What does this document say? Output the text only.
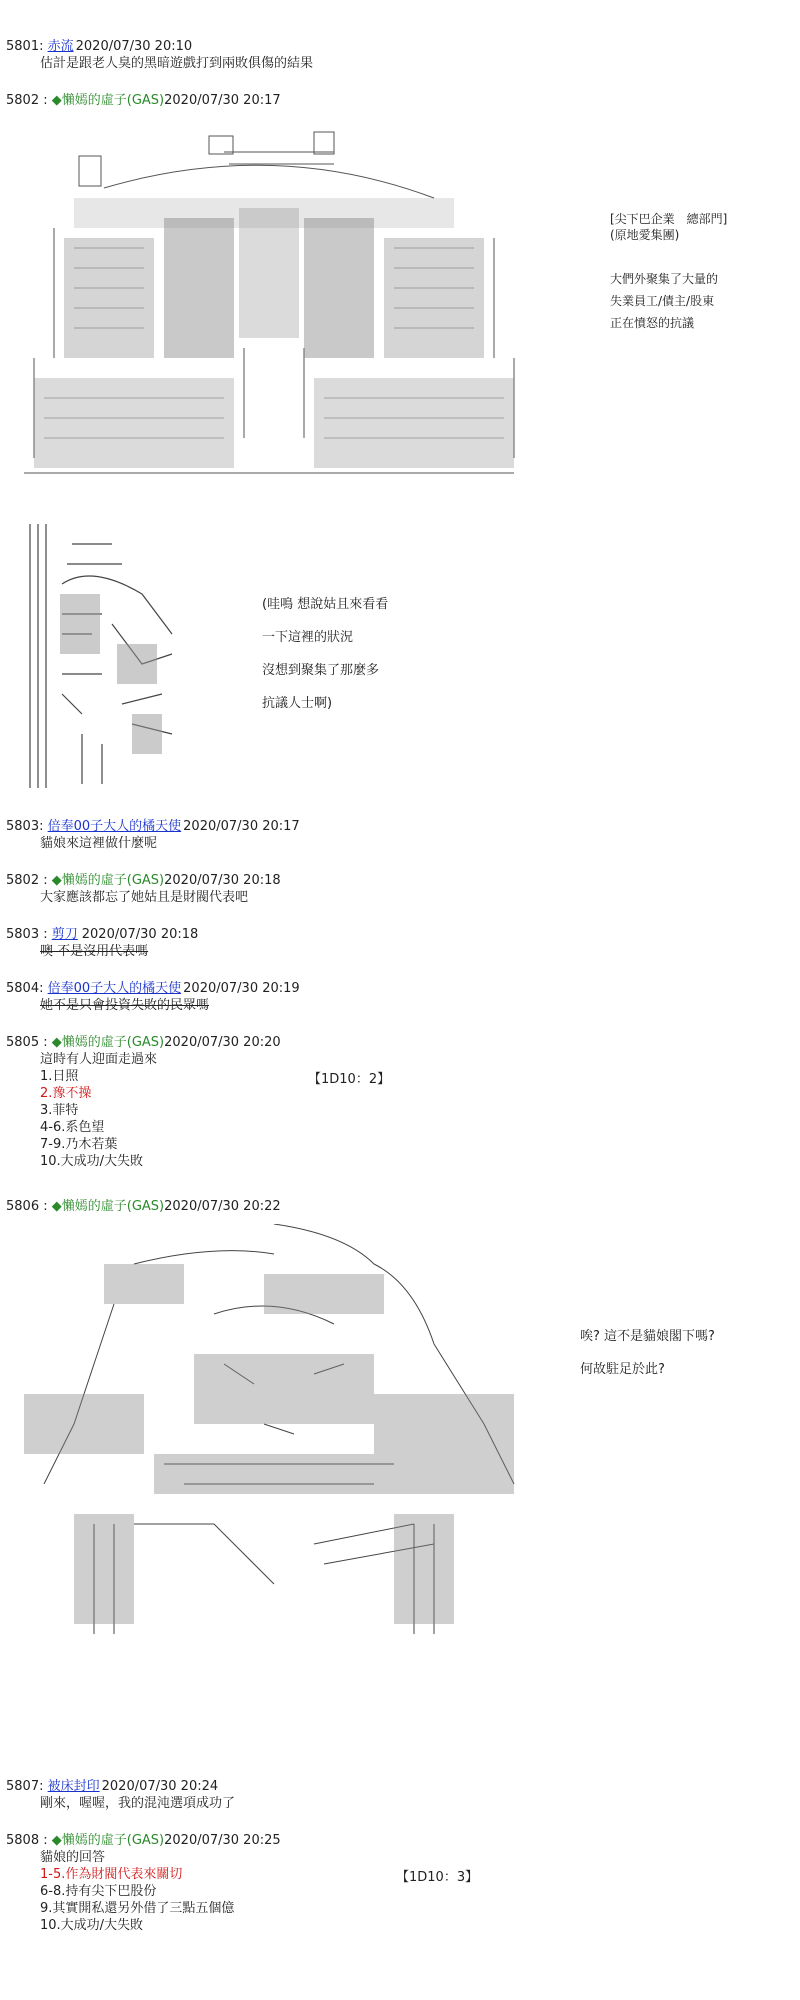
5801: 赤流 2020/07/30 20:10
估計是跟老人臭的黑暗遊戲打到兩敗俱傷的結果
5802 : ◆懶嫣的虛子(GAS)2020/07/30 20:17
[尖下巴企業　總部門]
(原地愛集團)
大們外聚集了大量的
失業員工/債主/股東
正在憤怒的抗議
(哇鳴 想說姑且來看看
一下這裡的狀況
沒想到聚集了那麼多
抗議人士啊)
5803: 倍奉00子大人的橘天使 2020/07/30 20:17
貓娘來這裡做什麼呢
5802 : ◆懶嫣的虛子(GAS)2020/07/30 20:18
大家應該都忘了她姑且是財閥代表吧
5803 : 剪刀 2020/07/30 20:18
噢 不是沒用代表嗎
5804: 倍奉00子大人的橘天使 2020/07/30 20:19
她不是只會投資失敗的民眾嗎
5805 : ◆懶嫣的虛子(GAS)2020/07/30 20:20
這時有人迎面走過來
1.日照
2.豫不操
3.菲特
4-6.系色望
7-9.乃木若葉
10.大成功/大失敗
【1D10：2】
5806 : ◆懶嫣的虛子(GAS)2020/07/30 20:22
唉? 這不是貓娘閣下嗎?
何故駐足於此?
5807: 被床封印 2020/07/30 20:24
剛來，喔喔，我的混沌選項成功了
5808 : ◆懶嫣的虛子(GAS)2020/07/30 20:25
貓娘的回答
1-5.作為財閥代表來關切
6-8.持有尖下巴股份
9.其實開私還另外借了三點五個億
10.大成功/大失敗
【1D10：3】
